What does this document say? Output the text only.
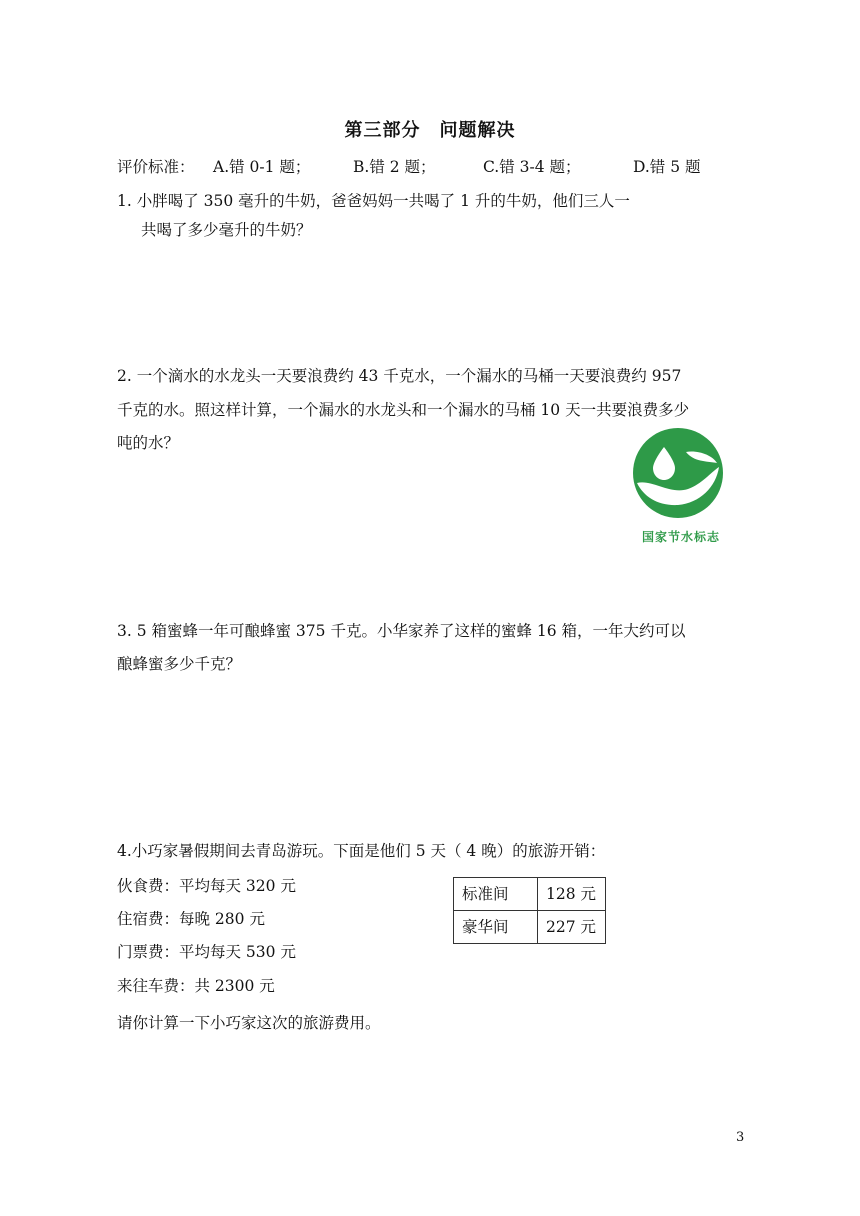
第三部分　问题解决
评价标准： A.错 0-1 题；	B.错 2 题；	C.错 3-4 题；	D.错 5 题
1. 小胖喝了 350 毫升的牛奶，爸爸妈妈一共喝了 1 升的牛奶，他们三人一
共喝了多少毫升的牛奶？
2. 一个滴水的水龙头一天要浪费约 43 千克水，一个漏水的马桶一天要浪费约 957
千克的水。照这样计算，一个漏水的水龙头和一个漏水的马桶 10 天一共要浪费多少
吨的水？
国家节水标志
3. 5 箱蜜蜂一年可酿蜂蜜 375 千克。小华家养了这样的蜜蜂 16 箱，一年大约可以
酿蜂蜜多少千克？
4.小巧家暑假期间去青岛游玩。下面是他们 5 天（ 4 晚）的旅游开销：
伙食费：平均每天 320 元
住宿费：每晚 280 元
门票费：平均每天 530 元
来往车费：共 2300 元
请你计算一下小巧家这次的旅游费用。
标准间	128 元
豪华间	227 元
3
